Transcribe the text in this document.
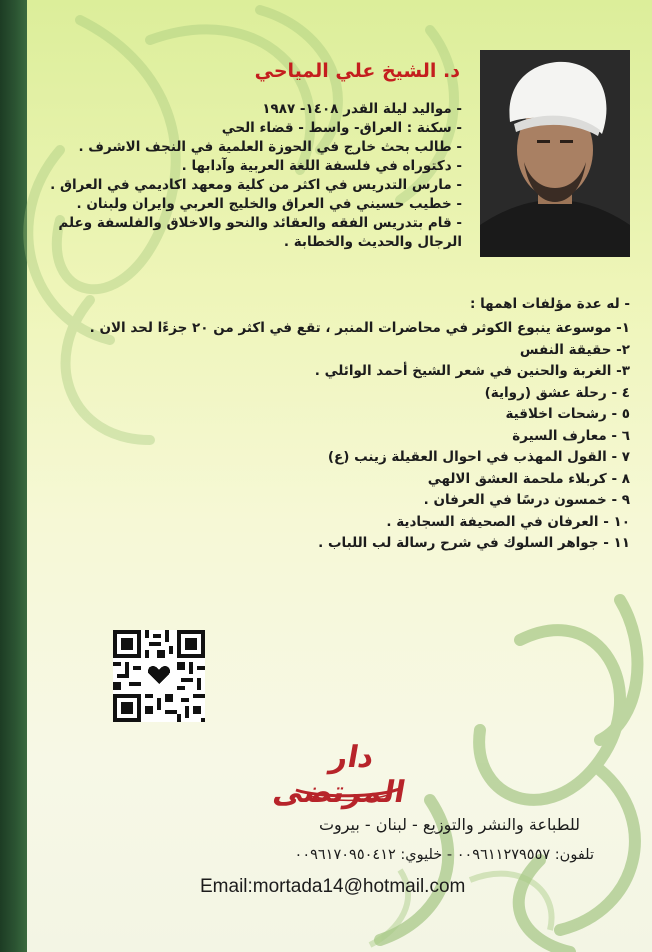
د. الشيخ علي المياحي
- مواليد ليلة القدر ١٤٠٨- ١٩٨٧
- سكنة : العراق- واسط - قضاء الحي
- طالب بحث خارج في الحوزة العلمية في النجف الاشرف .
- دكتوراه في فلسفة اللغة العربية وآدابها .
- مارس التدريس في اكثر من كلية ومعهد اكاديمي في العراق .
- خطيب حسيني في العراق والخليج العربي وايران ولبنان .
- قام بتدريس الفقه والعقائد والنحو والاخلاق والفلسفة وعلم الرجال والحديث والخطابة .
- له عدة مؤلفات اهمها :
١- موسوعة ينبوع الكوثر في محاضرات المنبر ، تقع في اكثر من ٢٠ جزءًا لحد الان .
٢- حقيقة النفس
٣- الغربة والحنين في شعر الشيخ أحمد الوائلي .
٤ - رحلة عشق (رواية)
٥ - رشحات اخلاقية
٦ - معارف السيرة
٧ - القول المهذب في احوال العقيلة زينب (ع)
٨ - كربلاء ملحمة العشق الالهي
٩ - خمسون درسًا في العرفان .
١٠ - العرفان في الصحيفة السجادية .
١١ - جواهر السلوك في شرح رسالة لب اللباب .
دار المرتضى
للطباعة والنشر والتوزيع - لبنان - بيروت
تلفون: ٠٠٩٦١١٢٧٩٥٥٧ - خليوي: ٠٠٩٦١٧٠٩٥٠٤١٢
Email:mortada14@hotmail.com
